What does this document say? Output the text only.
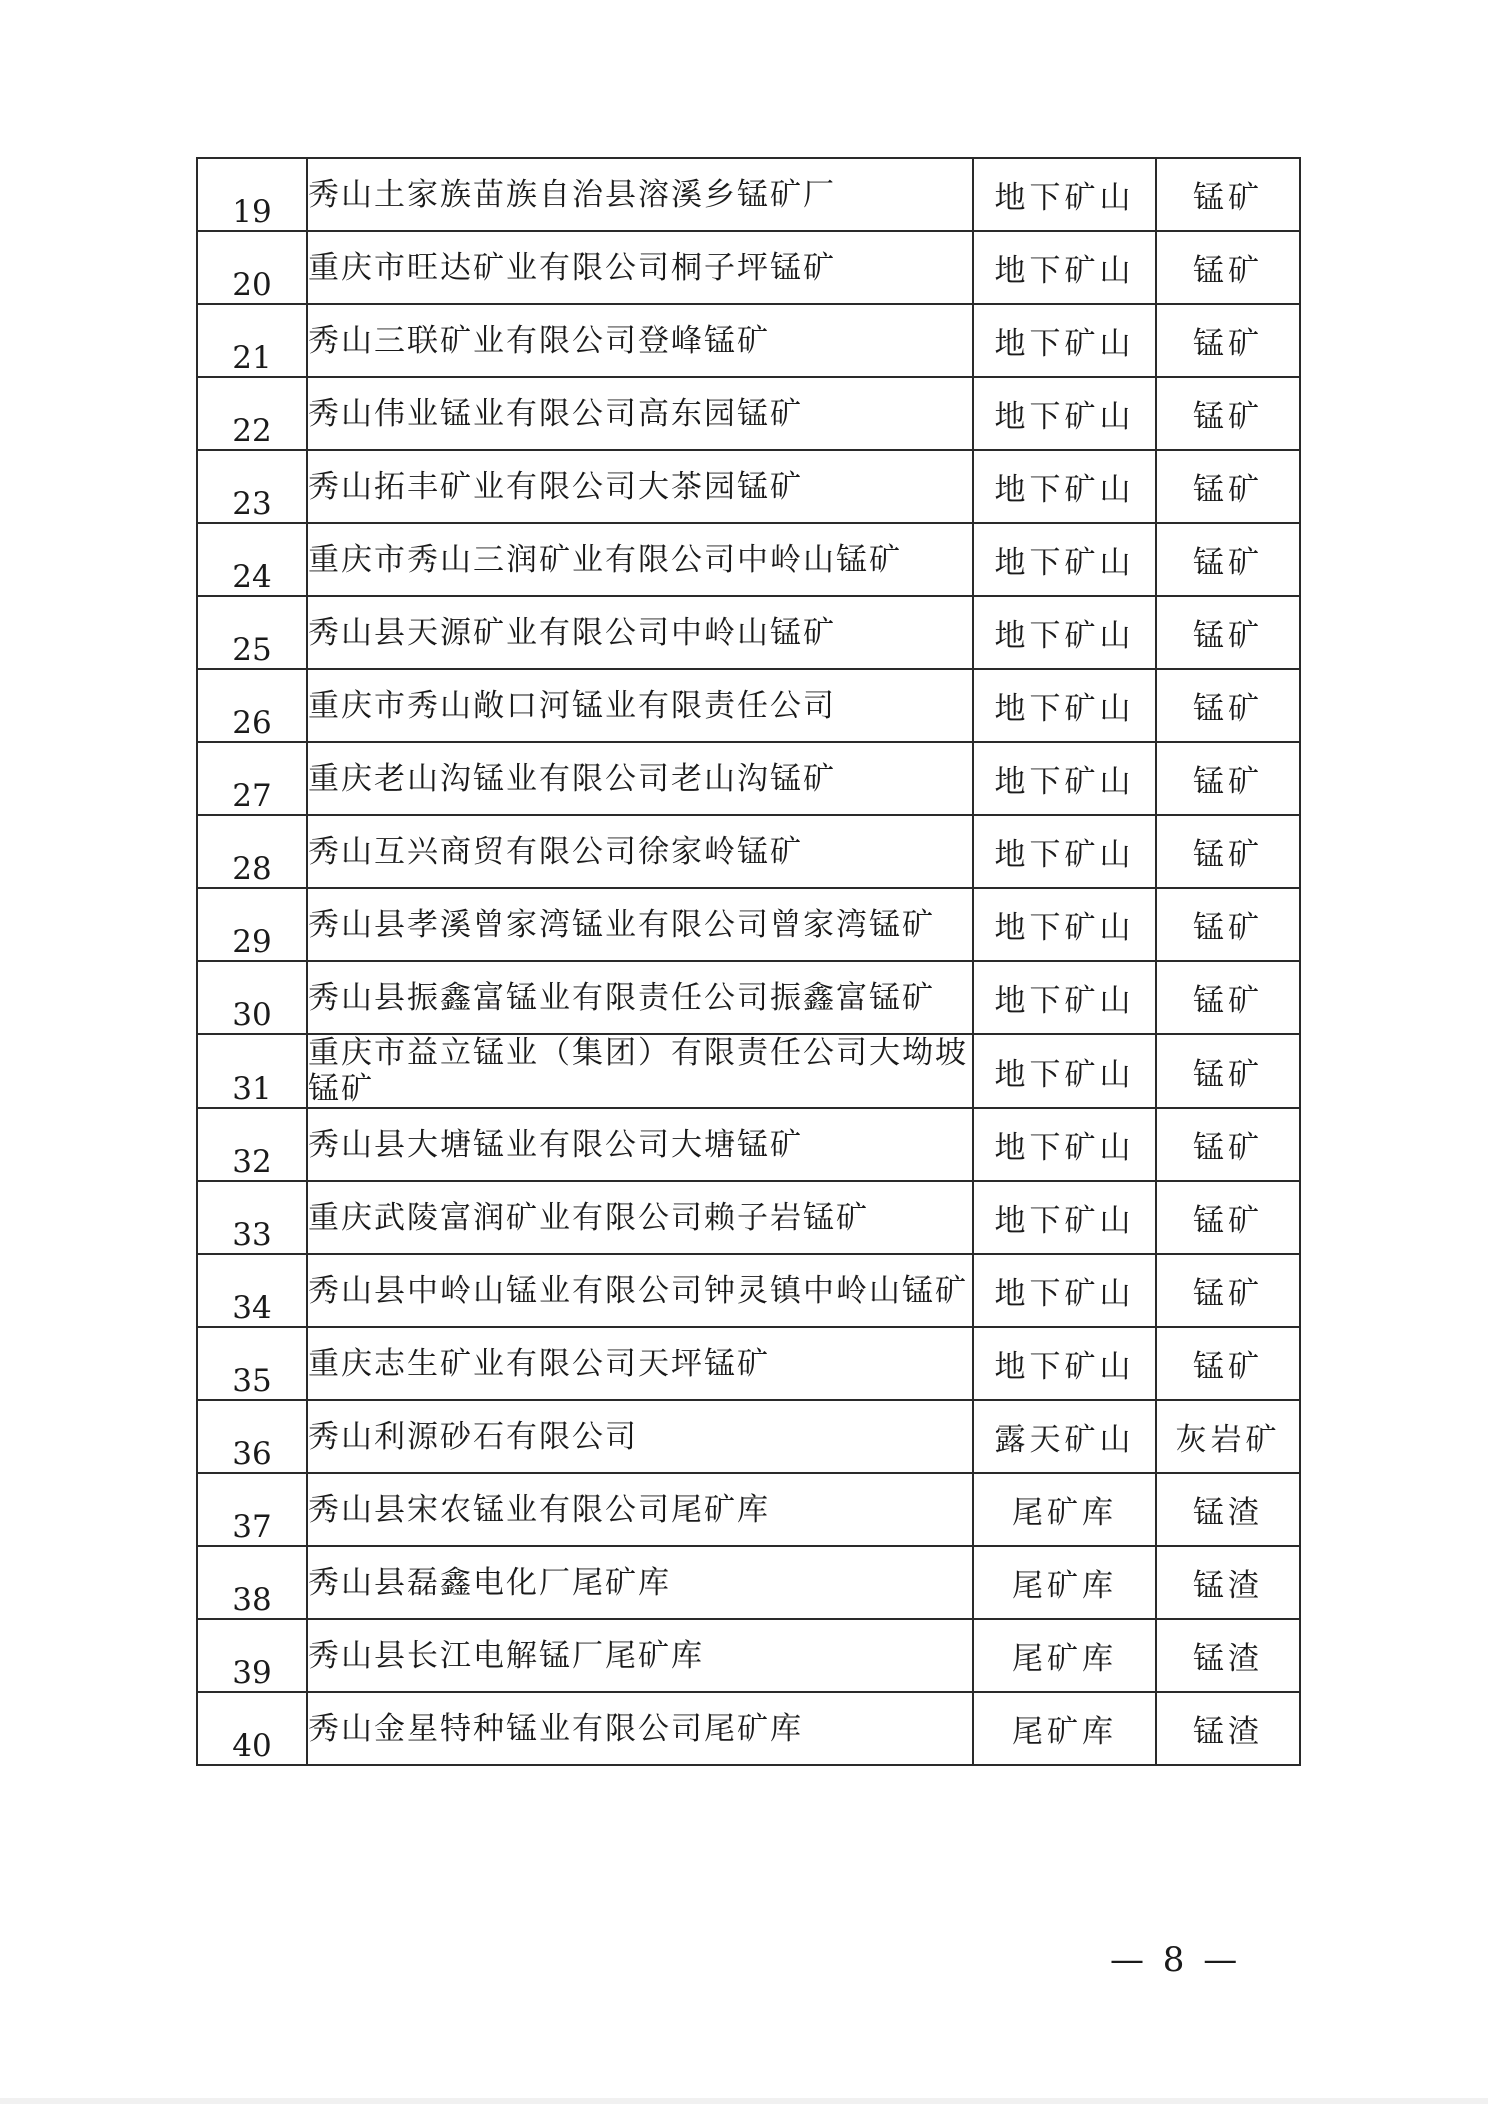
19	秀山土家族苗族自治县溶溪乡锰矿厂	地下矿山	锰矿
20	重庆市旺达矿业有限公司桐子坪锰矿	地下矿山	锰矿
21	秀山三联矿业有限公司登峰锰矿	地下矿山	锰矿
22	秀山伟业锰业有限公司高东园锰矿	地下矿山	锰矿
23	秀山拓丰矿业有限公司大茶园锰矿	地下矿山	锰矿
24	重庆市秀山三润矿业有限公司中岭山锰矿	地下矿山	锰矿
25	秀山县天源矿业有限公司中岭山锰矿	地下矿山	锰矿
26	重庆市秀山敞口河锰业有限责任公司	地下矿山	锰矿
27	重庆老山沟锰业有限公司老山沟锰矿	地下矿山	锰矿
28	秀山互兴商贸有限公司徐家岭锰矿	地下矿山	锰矿
29	秀山县孝溪曾家湾锰业有限公司曾家湾锰矿	地下矿山	锰矿
30	秀山县振鑫富锰业有限责任公司振鑫富锰矿	地下矿山	锰矿
31	重庆市益立锰业（集团）有限责任公司大坳坡锰矿	地下矿山	锰矿
32	秀山县大塘锰业有限公司大塘锰矿	地下矿山	锰矿
33	重庆武陵富润矿业有限公司赖子岩锰矿	地下矿山	锰矿
34	秀山县中岭山锰业有限公司钟灵镇中岭山锰矿	地下矿山	锰矿
35	重庆志生矿业有限公司天坪锰矿	地下矿山	锰矿
36	秀山利源砂石有限公司	露天矿山	灰岩矿
37	秀山县宋农锰业有限公司尾矿库	尾矿库	锰渣
38	秀山县磊鑫电化厂尾矿库	尾矿库	锰渣
39	秀山县长江电解锰厂尾矿库	尾矿库	锰渣
40	秀山金星特种锰业有限公司尾矿库	尾矿库	锰渣
— 8 —
